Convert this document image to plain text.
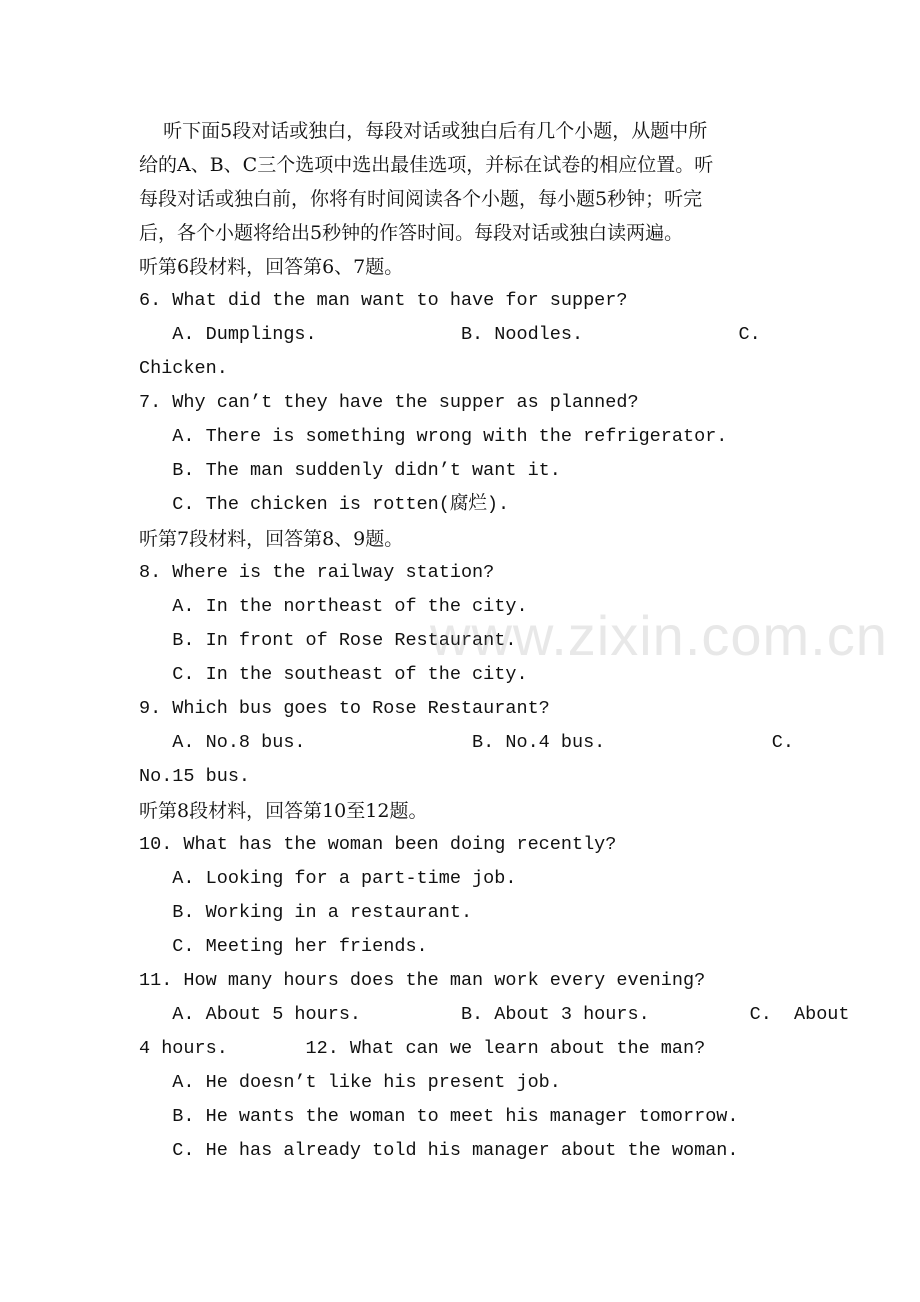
听下面5段对话或独白，每段对话或独白后有几个小题，从题中所
给的A、B、C三个选项中选出最佳选项，并标在试卷的相应位置。听
每段对话或独白前，你将有时间阅读各个小题，每小题5秒钟；听完
后，各个小题将给出5秒钟的作答时间。每段对话或独白读两遍。
听第6段材料，回答第6、7题。
6. What did the man want to have for supper?
A. Dumplings.             B. Noodles.              C.
Chicken.
7. Why can’t they have the supper as planned?
A. There is something wrong with the refrigerator.
B. The man suddenly didn’t want it.
C. The chicken is rotten(腐烂).
听第7段材料，回答第8、9题。
8. Where is the railway station?
A. In the northeast of the city.
B. In front of Rose Restaurant.
C. In the southeast of the city.
9. Which bus goes to Rose Restaurant?
A. No.8 bus.               B. No.4 bus.               C.
No.15 bus.
听第8段材料，回答第10至12题。
10. What has the woman been doing recently?
A. Looking for a part-time job.
B. Working in a restaurant.
C. Meeting her friends.
11. How many hours does the man work every evening?
A. About 5 hours.         B. About 3 hours.         C.  About
4 hours.       12. What can we learn about the man?
A. He doesn’t like his present job.
B. He wants the woman to meet his manager tomorrow.
C. He has already told his manager about the woman.
www.zixin.com.cn
